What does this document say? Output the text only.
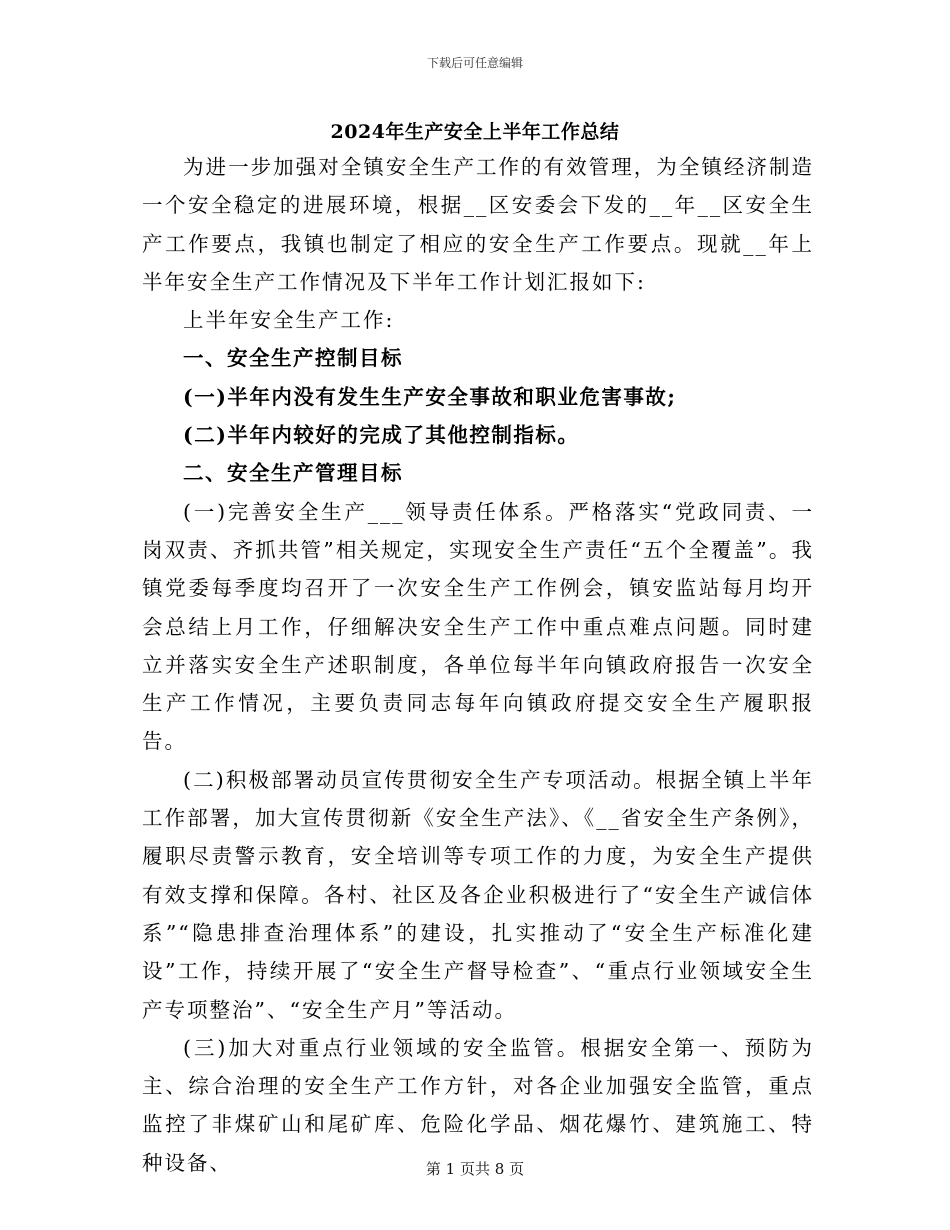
下载后可任意编辑
2024年生产安全上半年工作总结

为进一步加强对全镇安全生产工作的有效管理，为全镇经济制造一个安全稳定的进展环境，根据__区安委会下发的__年__区安全生产工作要点，我镇也制定了相应的安全生产工作要点。现就__年上半年安全生产工作情况及下半年工作计划汇报如下:

上半年安全生产工作:

一、安全生产控制目标

(一)半年内没有发生生产安全事故和职业危害事故;

(二)半年内较好的完成了其他控制指标。

二、安全生产管理目标

(一)完善安全生产___领导责任体系。严格落实“党政同责、一岗双责、齐抓共管”相关规定，实现安全生产责任“五个全覆盖”。我镇党委每季度均召开了一次安全生产工作例会，镇安监站每月均开会总结上月工作，仔细解决安全生产工作中重点难点问题。同时建立并落实安全生产述职制度，各单位每半年向镇政府报告一次安全生产工作情况，主要负责同志每年向镇政府提交安全生产履职报告。

(二)积极部署动员宣传贯彻安全生产专项活动。根据全镇上半年工作部署，加大宣传贯彻新《安全生产法》、《__省安全生产条例》，履职尽责警示教育，安全培训等专项工作的力度，为安全生产提供有效支撑和保障。各村、社区及各企业积极进行了“安全生产诚信体系”“隐患排查治理体系”的建设，扎实推动了“安全生产标准化建设”工作，持续开展了“安全生产督导检查”、“重点行业领域安全生产专项整治”、“安全生产月”等活动。

(三)加大对重点行业领域的安全监管。根据安全第一、预防为主、综合治理的安全生产工作方针，对各企业加强安全监管，重点监控了非煤矿山和尾矿库、危险化学品、烟花爆竹、建筑施工、特种设备、	第 1 页共 8 页
